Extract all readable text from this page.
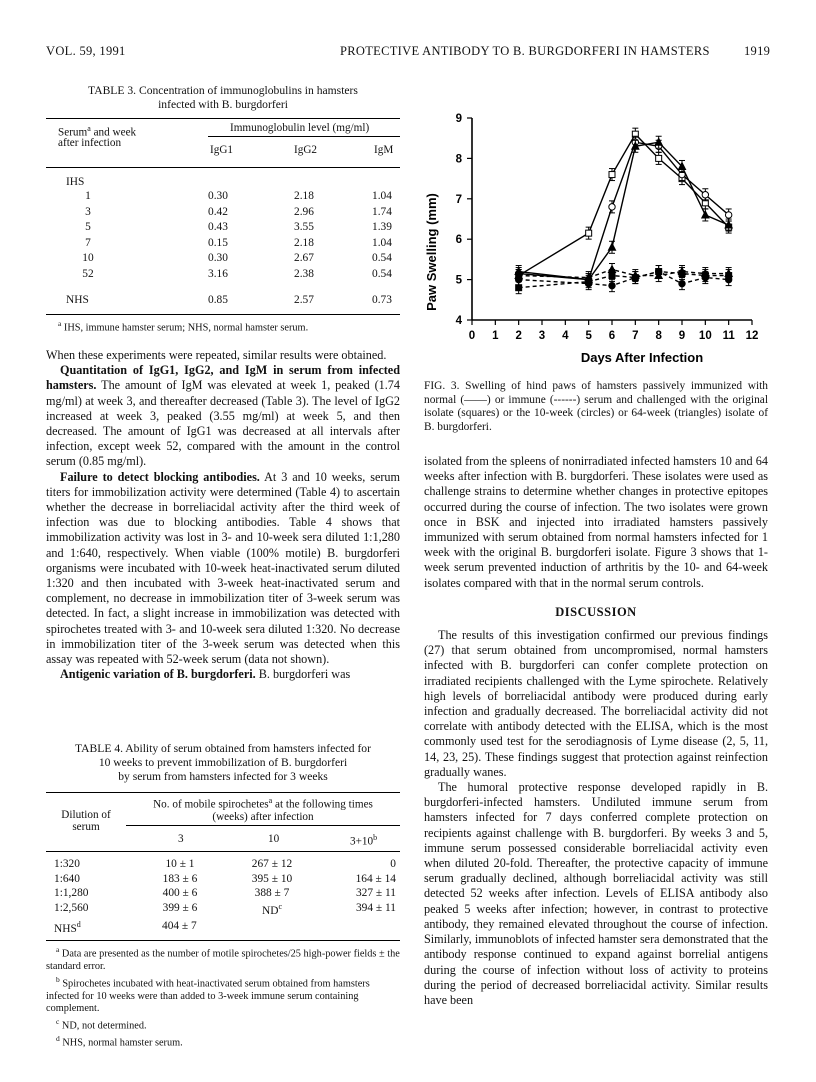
VOL. 59, 1991	PROTECTIVE ANTIBODY TO B. BURGDORFERI IN HAMSTERS	1919
TABLE 3. Concentration of immunoglobulins in hamsters
infected with B. burgdorferi
Serum$^a$ and week
after infection
Immunoglobulin level (mg/ml)
IgG1	IgG2	IgM
IHS
1	0.30	2.18	1.04
3	0.42	2.96	1.74
5	0.43	3.55	1.39
7	0.15	2.18	1.04
10	0.30	2.67	0.54
52	3.16	2.38	0.54
NHS	0.85	2.57	0.73
$^a$ IHS, immune hamster serum; NHS, normal hamster serum.

When these experiments were repeated, similar results were obtained.

Quantitation of IgG1, IgG2, and IgM in serum from infected hamsters. The amount of IgM was elevated at week 1, peaked (1.74 mg/ml) at week 3, and thereafter decreased (Table 3). The level of IgG2 increased at week 3, peaked (3.55 mg/ml) at week 5, and then decreased. The amount of IgG1 was decreased at all intervals after infection, except week 52, compared with the amount in the control serum (0.85 mg/ml).

Failure to detect blocking antibodies. At 3 and 10 weeks, serum titers for immobilization activity were determined (Table 4) to ascertain whether the decrease in borreliacidal activity after the third week of infection was due to blocking antibodies. Table 4 shows that immobilization activity was lost in 3- and 10-week sera diluted 1:1,280 and 1:640, respectively. When viable (100% motile) B. burgdorferi organisms were incubated with 10-week heat-inactivated serum diluted 1:320 and then incubated with 3-week heat-inactivated serum and complement, no decrease in immobilization titer of 3-week serum was detected. In fact, a slight increase in immobilization was detected with spirochetes treated with 3- and 10-week sera diluted 1:320. No decrease in immobilization titer of the 3-week serum was detected when this assay was repeated with 52-week serum (data not shown).

Antigenic variation of B. burgdorferi. B. burgdorferi was

TABLE 4. Ability of serum obtained from hamsters infected for
10 weeks to prevent immobilization of B. burgdorferi
by serum from hamsters infected for 3 weeks
Dilution of
serum
No. of mobile spirochetes$^a$ at the following times
(weeks) after infection
3	10	$3+10^b$
1:320	10 ± 1	267 ± 12	0
1:640	183 ± 6	395 ± 10	164 ± 14
1:1,280	400 ± 6	388 ± 7	327 ± 11
1:2,560	399 ± 6	$ND^c$	394 ± 11
NHS$^d$	404 ± 7
$^a$ Data are presented as the number of motile spirochetes/25 high-power fields ± the standard error.
$^b$ Spirochetes incubated with heat-inactivated serum obtained from hamsters infected for 10 weeks were than added to 3-week immune serum containing complement.
$^c$ ND, not determined.
$^d$ NHS, normal hamster serum.
0 1 2 3 4 5 6 7 8 9 10 11 12
4
5
6
7
8
9
Paw Swelling (mm)
Days After Infection
FIG. 3. Swelling of hind paws of hamsters passively immunized with normal (——) or immune (------) serum and challenged with the original isolate (squares) or the 10-week (circles) or 64-week (triangles) isolate of B. burgdorferi.

isolated from the spleens of nonirradiated infected hamsters 10 and 64 weeks after infection with B. burgdorferi. These isolates were used as challenge strains to determine whether changes in protective epitopes occurred during the course of infection. The two isolates were grown once in BSK and injected into irradiated hamsters passively immunized with serum obtained from normal hamsters infected for 1 week with the original B. burgdorferi isolate. Figure 3 shows that 1-week serum prevented induction of arthritis by the 10- and 64-week isolates compared with that in the normal serum controls.

DISCUSSION

The results of this investigation confirmed our previous findings (27) that serum obtained from uncompromised, normal hamsters infected with B. burgdorferi can confer complete protection on irradiated recipients challenged with the Lyme spirochete. Relatively high levels of borreliacidal antibody were produced during early infection and gradually decreased. The borreliacidal activity did not correlate with antibody detected with the ELISA, which is the most commonly used test for the serodiagnosis of Lyme disease (2, 5, 11, 14, 23, 25). These findings suggest that protection against reinfection gradually wanes.

The humoral protective response developed rapidly in B. burgdorferi-infected hamsters. Undiluted immune serum from hamsters infected for 7 days conferred complete protection on recipients against challenge with B. burgdorferi. By weeks 3 and 5, immune serum possessed considerable borreliacidal activity even when diluted 20-fold. Thereafter, the protective capacity of immune serum gradually declined, although borreliacidal activity was still detected 52 weeks after infection. Levels of ELISA antibody also peaked 5 weeks after infection; however, in contrast to protective antibody, they remained elevated throughout the course of infection. Similarly, immunoblots of infected hamster sera demonstrated that the antibody response continued to expand against borrelial antigens during the course of infection without loss of activity to proteins during the period of decreased borreliacidal activity. Similar results have been
